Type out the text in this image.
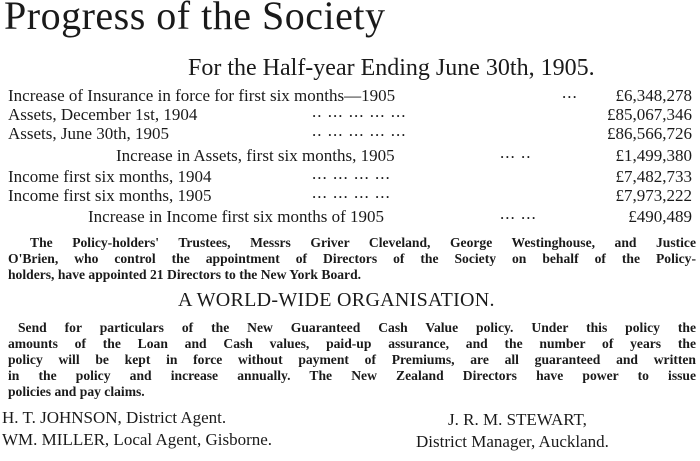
Progress of the Society
For the Half-year Ending June 30th, 1905.
Increase of Insurance in force for first six months—1905	... £6,348,278
Assets, December 1st, 1904	.. ... ... ... ...	£85,067,346
Assets, June 30th, 1905	.. ... ... ... ...	£86,566,726
Increase in Assets, first six months, 1905	... ..	£1,499,380
Income first six months, 1904	... ... ... ...	£7,482,733
Income first six months, 1905	... ... ... ...	£7,973,222
Increase in Income first six months of 1905	... ...	£490,489
The Policy-holders' Trustees, Messrs Griver Cleveland, George Westinghouse, and Justice
O'Brien, who control the appointment of Directors of the Society on behalf of the Policy-
holders, have appointed 21 Directors to the New York Board.
A WORLD-WIDE ORGANISATION.
Send for particulars of the New Guaranteed Cash Value policy. Under this policy the
amounts of the Loan and Cash values, paid-up assurance, and the number of years the
policy will be kept in force without payment of Premiums, are all guaranteed and written
in the policy and increase annually. The New Zealand Directors have power to issue
policies and pay claims.
H. T. JOHNSON, District Agent.
WM. MILLER, Local Agent, Gisborne.
J. R. M. STEWART,
District Manager, Auckland.
